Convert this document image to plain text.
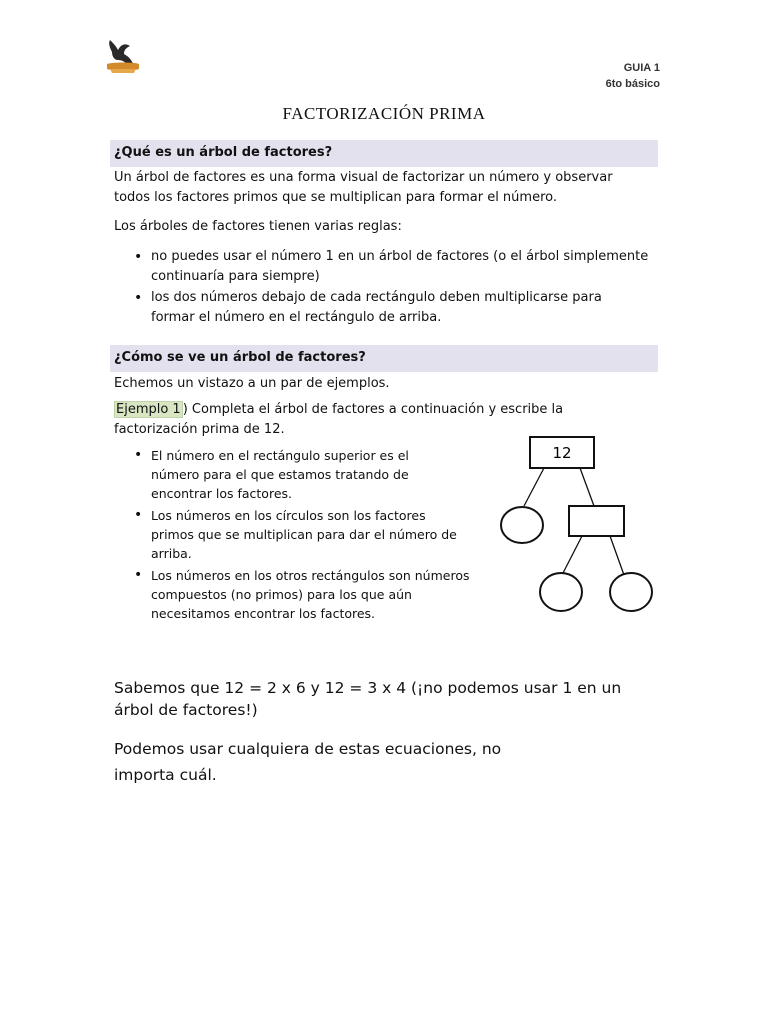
GUIA 1
6to básico
FACTORIZACIÓN PRIMA
¿Qué es un árbol de factores?
Un árbol de factores es una forma visual de factorizar un número y observar
todos los factores primos que se multiplican para formar el número.
Los árboles de factores tienen varias reglas:
• no puedes usar el número 1 en un árbol de factores (o el árbol simplemente
continuaría para siempre)
• los dos números debajo de cada rectángulo deben multiplicarse para
formar el número en el rectángulo de arriba.
¿Cómo se ve un árbol de factores?
Echemos un vistazo a un par de ejemplos.
Ejemplo 1 ) Completa el árbol de factores a continuación y escribe la
factorización prima de 12.
• El número en el rectángulo superior es el
número para el que estamos tratando de
encontrar los factores.
• Los números en los círculos son los factores
primos que se multiplican para dar el número de
arriba.
• Los números en los otros rectángulos son números
compuestos (no primos) para los que aún
necesitamos encontrar los factores.
12
Sabemos que 12 = 2 x 6 y 12 = 3 x 4 (¡no podemos usar 1 en un
árbol de factores!)
Podemos usar cualquiera de estas ecuaciones, no
importa cuál.
